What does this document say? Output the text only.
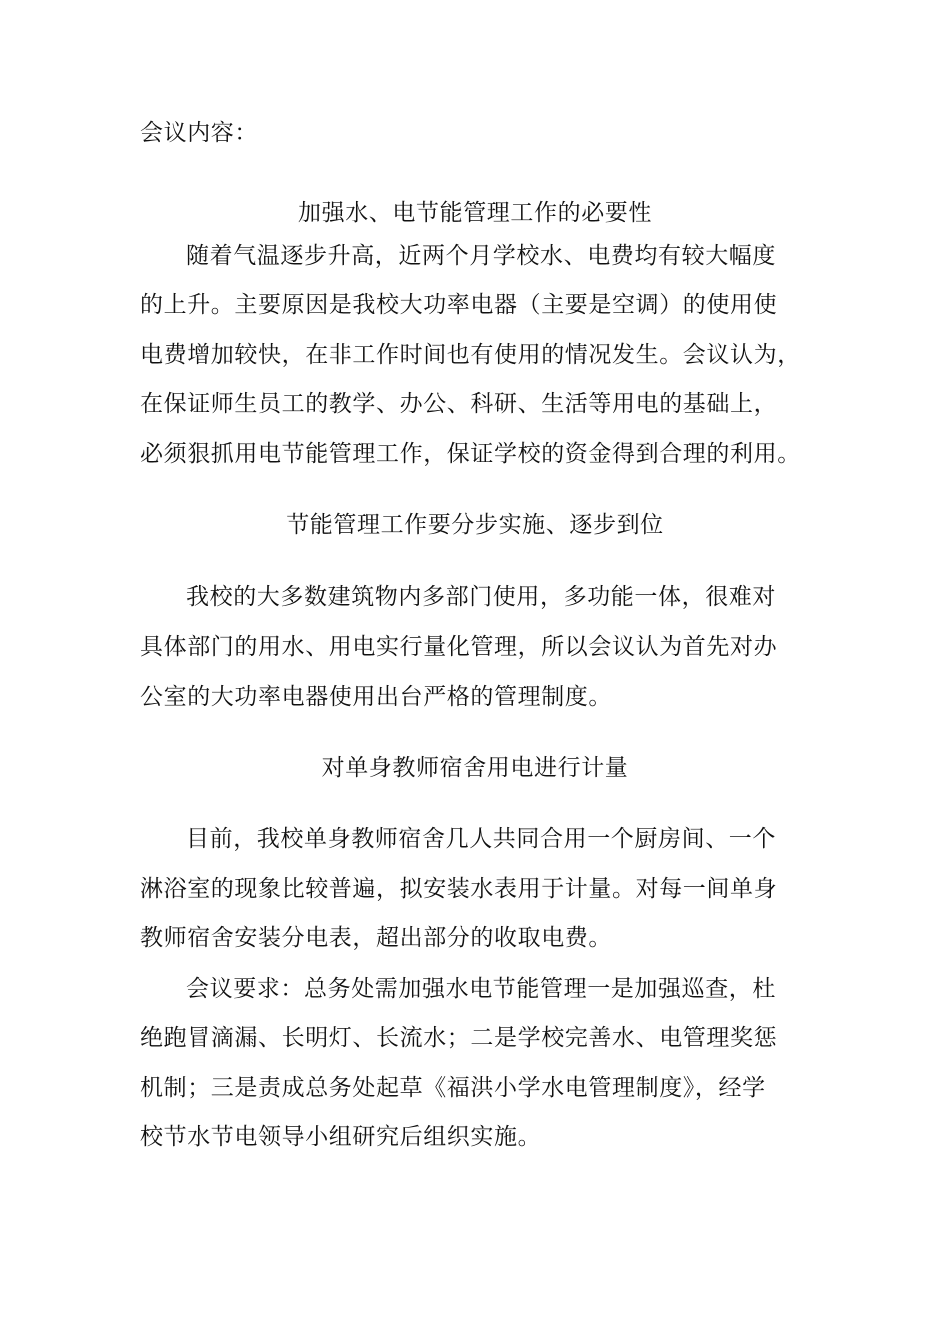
会议内容：

加强水、电节能管理工作的必要性

随着气温逐步升高，近两个月学校水、电费均有较大幅度

的上升。主要原因是我校大功率电器（主要是空调）的使用使

电费增加较快，在非工作时间也有使用的情况发生。会议认为，

在保证师生员工的教学、办公、科研、生活等用电的基础上，

必须狠抓用电节能管理工作，保证学校的资金得到合理的利用。

节能管理工作要分步实施、逐步到位

我校的大多数建筑物内多部门使用，多功能一体，很难对

具体部门的用水、用电实行量化管理，所以会议认为首先对办

公室的大功率电器使用出台严格的管理制度。

对单身教师宿舍用电进行计量

目前，我校单身教师宿舍几人共同合用一个厨房间、一个

淋浴室的现象比较普遍，拟安装水表用于计量。对每一间单身

教师宿舍安装分电表，超出部分的收取电费。

会议要求：总务处需加强水电节能管理一是加强巡查，杜

绝跑冒滴漏、长明灯、长流水；二是学校完善水、电管理奖惩

机制；三是责成总务处起草《福洪小学水电管理制度》，经学

校节水节电领导小组研究后组织实施。
